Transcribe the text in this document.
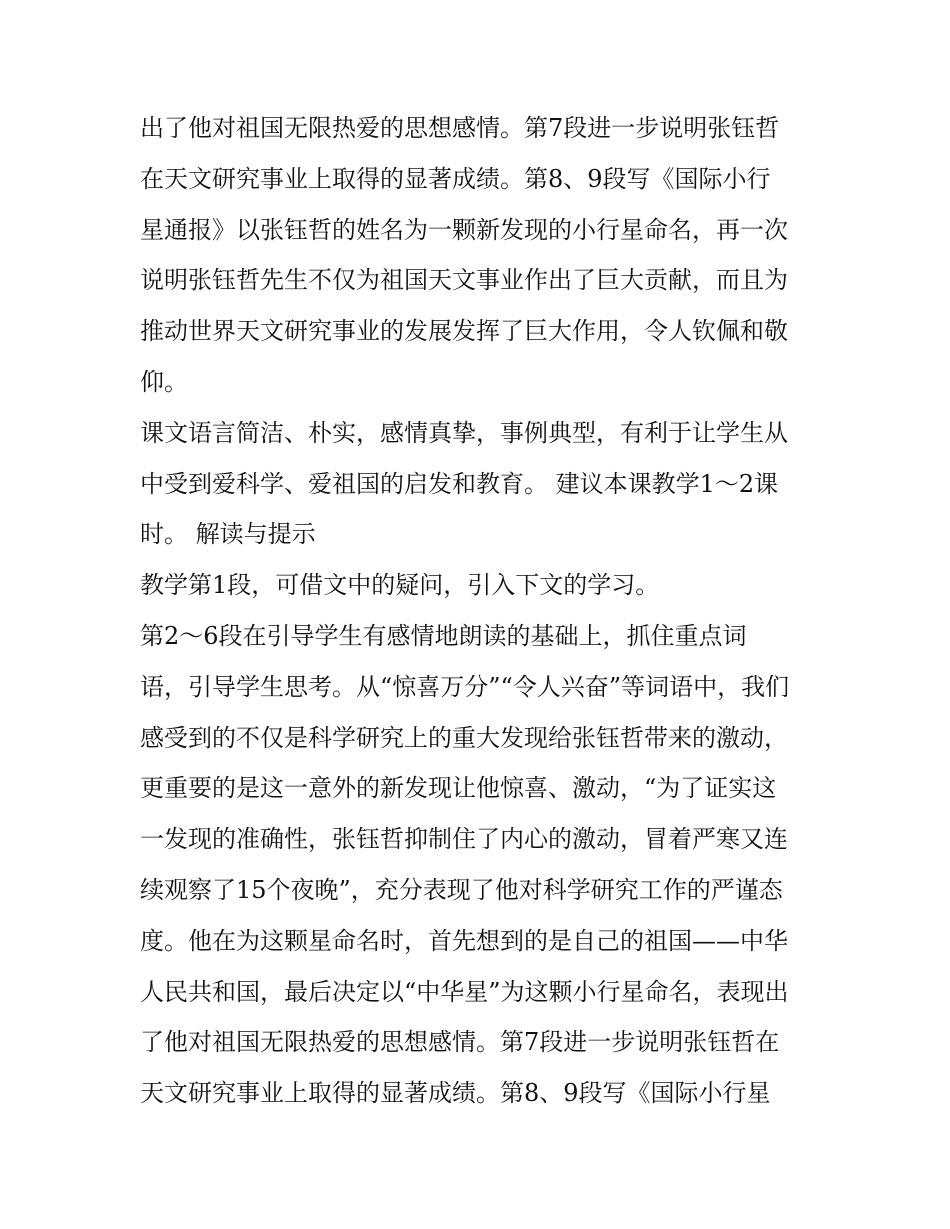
出了他对祖国无限热爱的思想感情。第7段进一步说明张钰哲
在天文研究事业上取得的显著成绩。第8、9段写《国际小行
星通报》以张钰哲的姓名为一颗新发现的小行星命名，再一次
说明张钰哲先生不仅为祖国天文事业作出了巨大贡献，而且为
推动世界天文研究事业的发展发挥了巨大作用，令人钦佩和敬
仰。
课文语言简洁、朴实，感情真挚，事例典型，有利于让学生从
中受到爱科学、爱祖国的启发和教育。 建议本课教学1～2课
时。 解读与提示
教学第1段，可借文中的疑问，引入下文的学习。
第2～6段在引导学生有感情地朗读的基础上，抓住重点词
语，引导学生思考。从“惊喜万分”“令人兴奋”等词语中，我们
感受到的不仅是科学研究上的重大发现给张钰哲带来的激动，
更重要的是这一意外的新发现让他惊喜、激动，“为了证实这
一发现的准确性，张钰哲抑制住了内心的激动，冒着严寒又连
续观察了15个夜晚”，充分表现了他对科学研究工作的严谨态
度。他在为这颗星命名时，首先想到的是自己的祖国——中华
人民共和国，最后决定以“中华星”为这颗小行星命名，表现出
了他对祖国无限热爱的思想感情。第7段进一步说明张钰哲在
天文研究事业上取得的显著成绩。第8、9段写《国际小行星
